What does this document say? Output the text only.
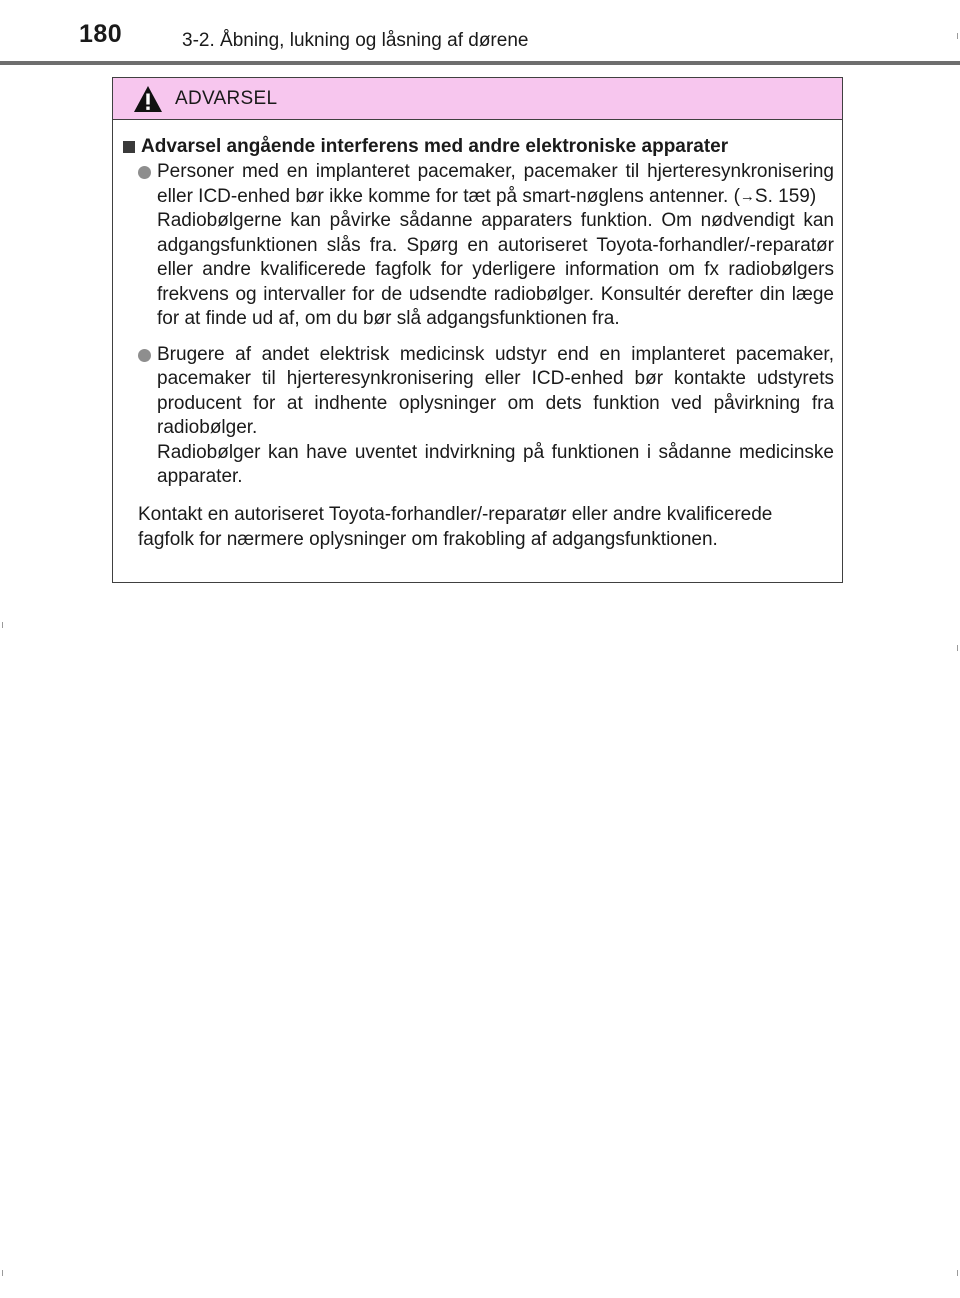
180	3-2. Åbning, lukning og låsning af dørene
ADVARSEL
Advarsel angående interferens med andre elektroniske apparater

Personer med en implanteret pacemaker, pacemaker til hjerteresynkronisering eller ICD-enhed bør ikke komme for tæt på smart-nøglens antenner. (→S. 159)

Radiobølgerne kan påvirke sådanne apparaters funktion. Om nødvendigt kan adgangsfunktionen slås fra. Spørg en autoriseret Toyota-forhandler/-reparatør eller andre kvalificerede fagfolk for yderligere information om fx radiobølgers frekvens og intervaller for de udsendte radiobølger. Konsultér derefter din læge for at finde ud af, om du bør slå adgangsfunktionen fra.

Brugere af andet elektrisk medicinsk udstyr end en implanteret pacemaker, pacemaker til hjerteresynkronisering eller ICD-enhed bør kontakte udstyrets producent for at indhente oplysninger om dets funktion ved påvirkning fra radiobølger.

Radiobølger kan have uventet indvirkning på funktionen i sådanne medicinske apparater.

Kontakt en autoriseret Toyota-forhandler/-reparatør eller andre kvalificerede fagfolk for nærmere oplysninger om frakobling af adgangsfunktionen.
